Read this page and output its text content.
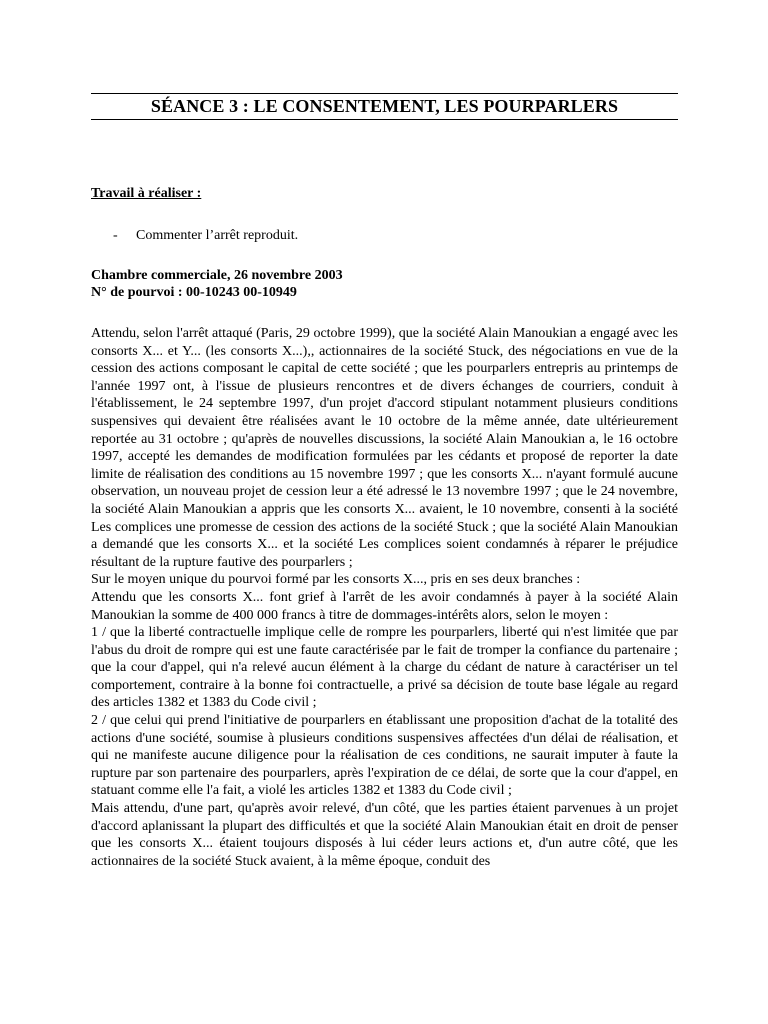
SÉANCE 3 : LE CONSENTEMENT, LES POURPARLERS
Travail à réaliser :
- Commenter l’arrêt reproduit.
Chambre commerciale, 26 novembre 2003
N° de pourvoi : 00-10243 00-10949

Attendu, selon l'arrêt attaqué (Paris, 29 octobre 1999), que la société Alain Manoukian a engagé avec les consorts X... et Y... (les consorts X...),, actionnaires de la société Stuck, des négociations en vue de la cession des actions composant le capital de cette société ; que les pourparlers entrepris au printemps de l'année 1997 ont, à l'issue de plusieurs rencontres et de divers échanges de courriers, conduit à l'établissement, le 24 septembre 1997, d'un projet d'accord stipulant notamment plusieurs conditions suspensives qui devaient être réalisées avant le 10 octobre de la même année, date ultérieurement reportée au 31 octobre ; qu'après de nouvelles discussions, la société Alain Manoukian a, le 16 octobre 1997, accepté les demandes de modification formulées par les cédants et proposé de reporter la date limite de réalisation des conditions au 15 novembre 1997 ; que les consorts X... n'ayant formulé aucune observation, un nouveau projet de cession leur a été adressé le 13 novembre 1997 ; que le 24 novembre, la société Alain Manoukian a appris que les consorts X... avaient, le 10 novembre, consenti à la société Les complices une promesse de cession des actions de la société Stuck ; que la société Alain Manoukian a demandé que les consorts X... et la société Les complices soient condamnés à réparer le préjudice résultant de la rupture fautive des pourparlers ;

Sur le moyen unique du pourvoi formé par les consorts X..., pris en ses deux branches :

Attendu que les consorts X... font grief à l'arrêt de les avoir condamnés à payer à la société Alain Manoukian la somme de 400 000 francs à titre de dommages-intérêts alors, selon le moyen :

1 / que la liberté contractuelle implique celle de rompre les pourparlers, liberté qui n'est limitée que par l'abus du droit de rompre qui est une faute caractérisée par le fait de tromper la confiance du partenaire ; que la cour d'appel, qui n'a relevé aucun élément à la charge du cédant de nature à caractériser un tel comportement, contraire à la bonne foi contractuelle, a privé sa décision de toute base légale au regard des articles 1382 et 1383 du Code civil ;

2 / que celui qui prend l'initiative de pourparlers en établissant une proposition d'achat de la totalité des actions d'une société, soumise à plusieurs conditions suspensives affectées d'un délai de réalisation, et qui ne manifeste aucune diligence pour la réalisation de ces conditions, ne saurait imputer à faute la rupture par son partenaire des pourparlers, après l'expiration de ce délai, de sorte que la cour d'appel, en statuant comme elle l'a fait, a violé les articles 1382 et 1383 du Code civil ;

Mais attendu, d'une part, qu'après avoir relevé, d'un côté, que les parties étaient parvenues à un projet d'accord aplanissant la plupart des difficultés et que la société Alain Manoukian était en droit de penser que les consorts X... étaient toujours disposés à lui céder leurs actions et, d'un autre côté, que les actionnaires de la société Stuck avaient, à la même époque, conduit des
